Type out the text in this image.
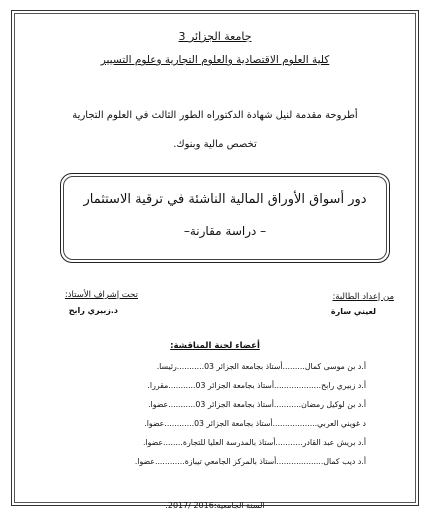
جامعة الجزائر 3
كلية العلوم الاقتصادية والعلوم التجارية وعلوم التسيير
أطروحة مقدمة لنيل شهادة الدكتوراه الطور الثالث في العلوم التجارية
تخصص مالية وبنوك.
دور أسواق الأوراق المالية الناشئة في ترقية الاستثمار
– دراسة مقارنة–
من إعداد الطالبة:
لعيني سارة
تحت إشراف الأستاذ:
د.زبيري رابح
أعضاء لجنة المناقشة:
أ.د بن موسى كمال.........أستاذ بجامعة الجزائر 03...........رئيسا.
أ.د زبيري رابح...................أستاذ بجامعة الجزائر 03...........مقررا.
أ.د بن لوكيل رمضان...........أستاذ بجامعة الجزائر 03...........عضوا.
د غويني العربي..................أستاذ بجامعة الجزائر 03............عضوا.
أ.د بريش عبد القادر...........أستاذ بالمدرسة العليا للتجارة........عضوا.
أ.د ديب كمال...................أستاذ بالمركز الجامعي تيبازة............عضوا.
السنة الجامعية:2016 /2017.
